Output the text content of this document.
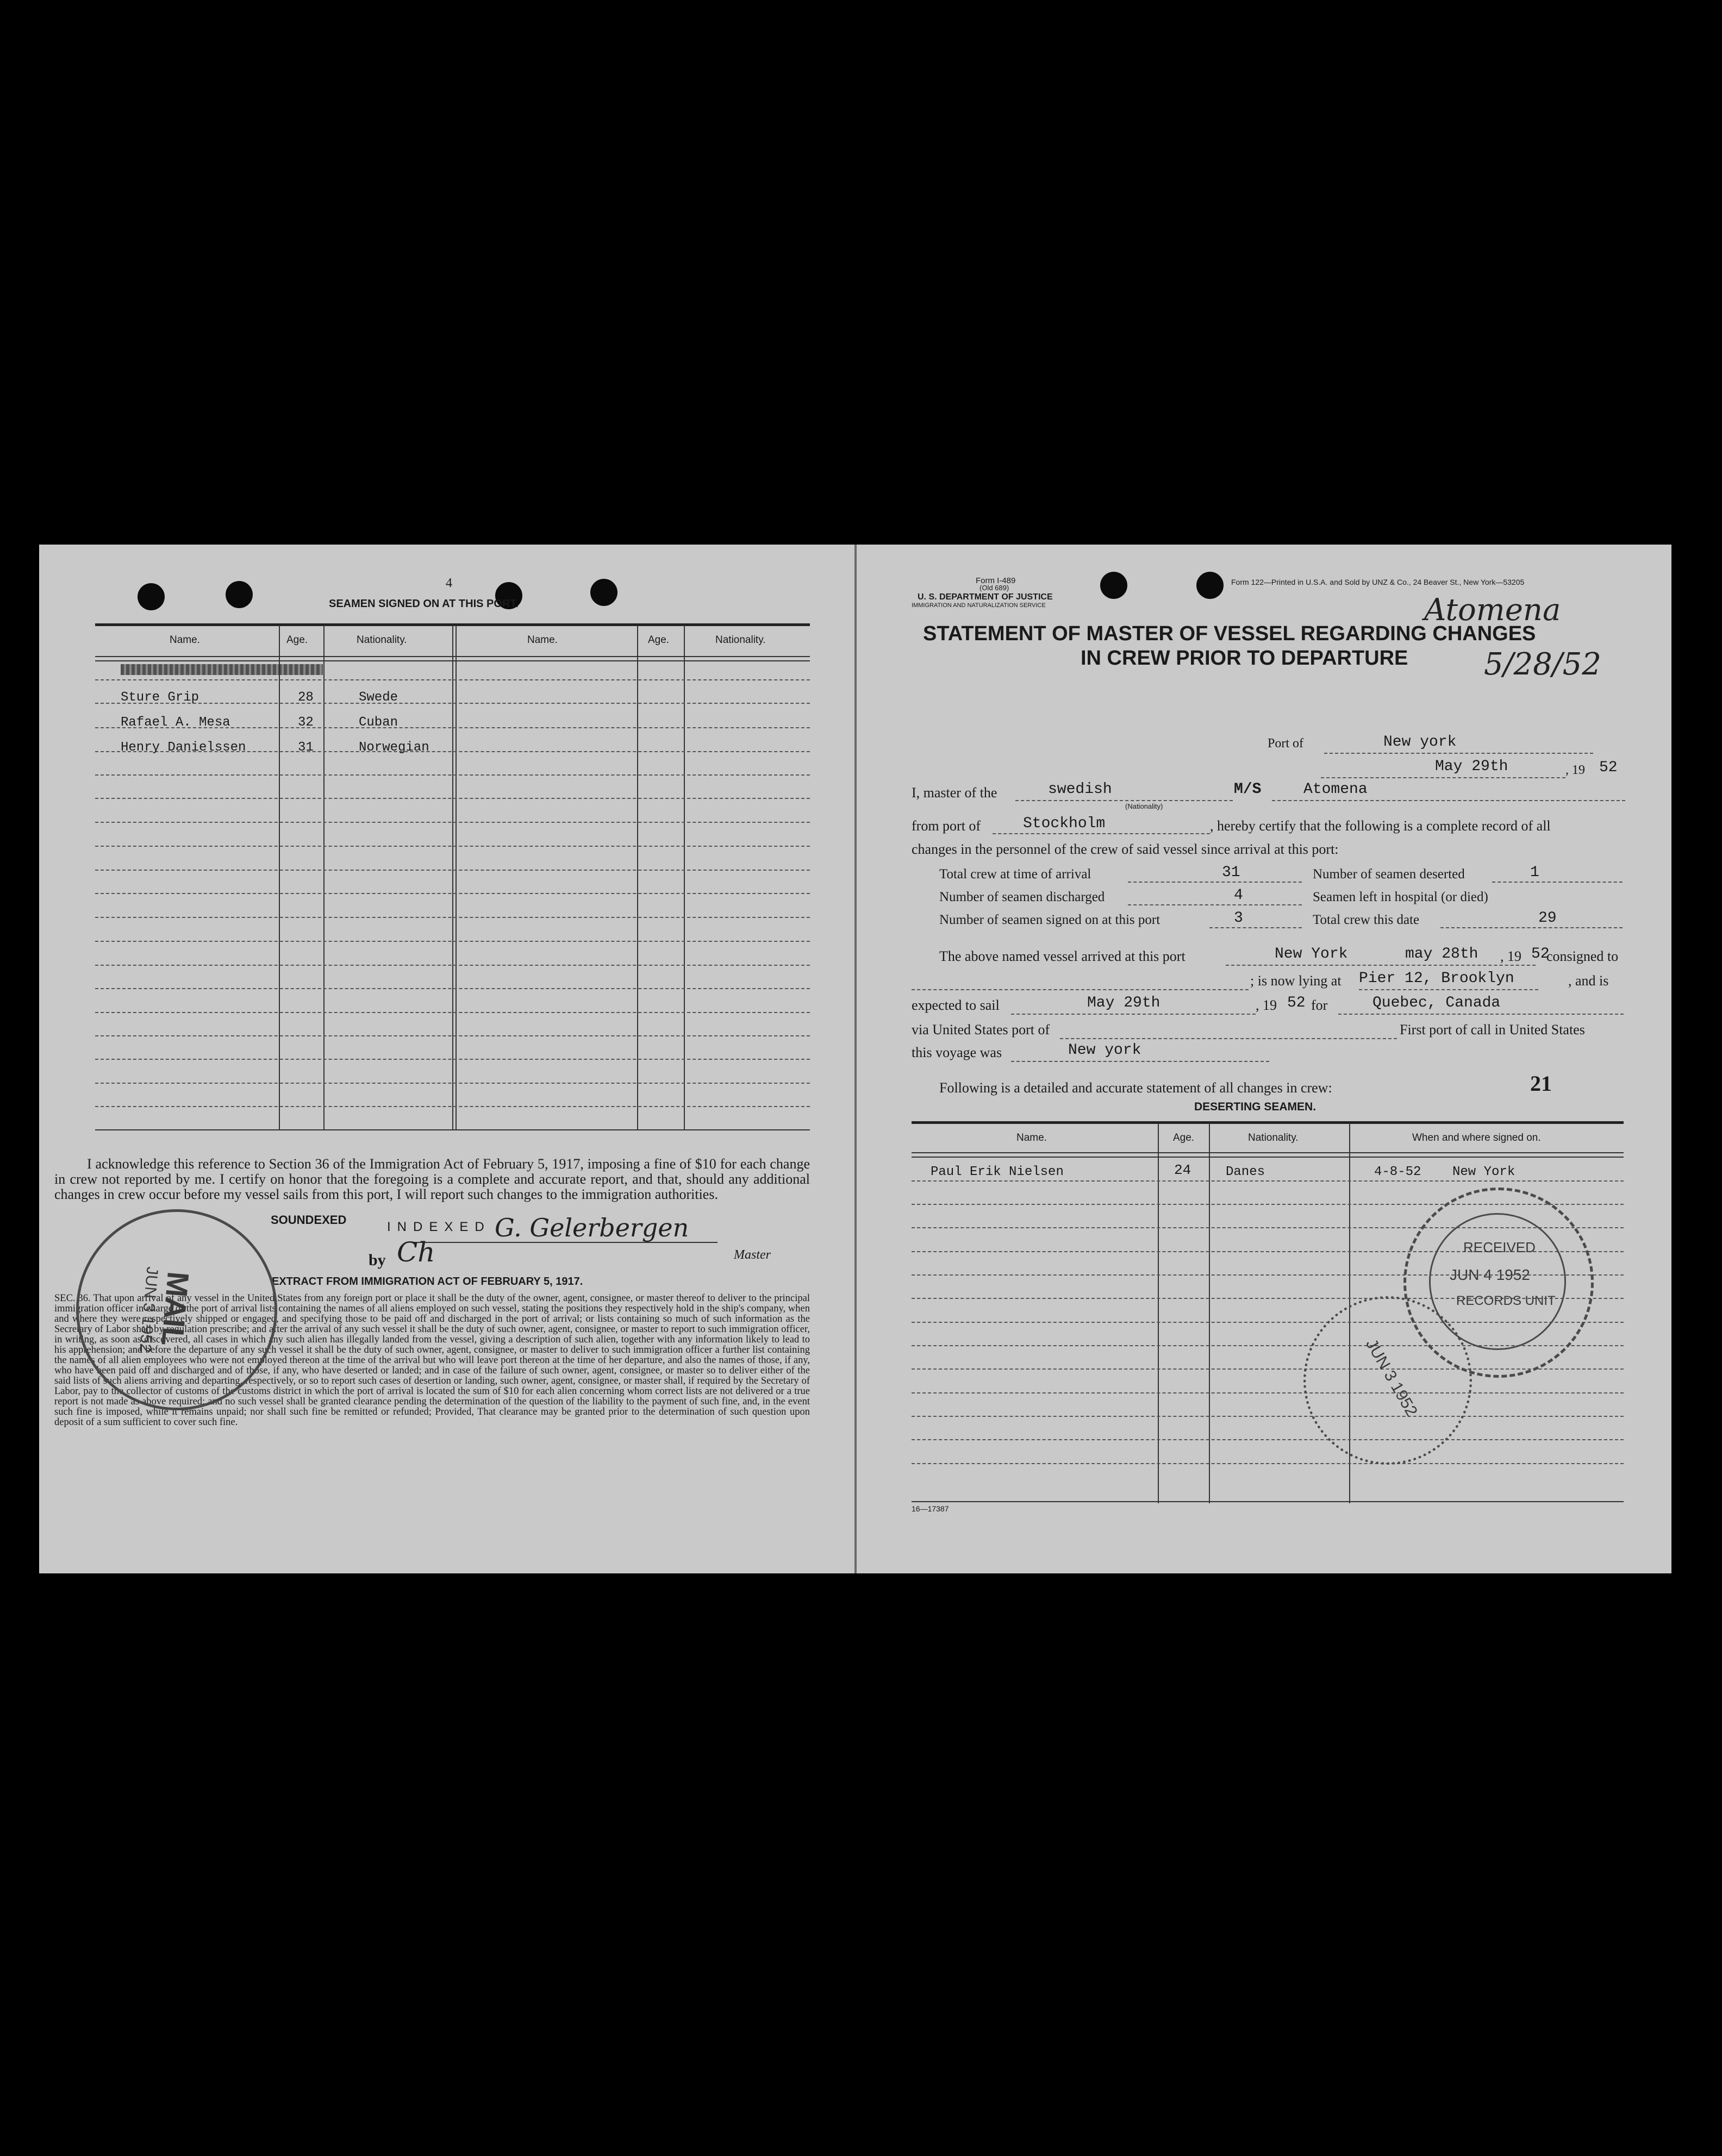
4
SEAMEN SIGNED ON AT THIS PORT.
Name.	Age.	Nationality.	Name.	Age.	Nationality.
Sture Grip	28	Swede
Rafael A. Mesa	32	Cuban
Henry Danielssen	31	Norwegian
I acknowledge this reference to Section 36 of the Immigration Act of February 5, 1917, imposing a fine of $10 for each change in crew not reported by me. I certify on honor that the foregoing is a complete and accurate report, and that, should any additional changes in crew occur before my vessel sails from this port, I will report such changes to the immigration authorities.
SOUNDEXED	INDEXED G. Gelerbergen
by Ch	Master
EXTRACT FROM IMMIGRATION ACT OF FEBRUARY 5, 1917.
SEC. 36. That upon arrival of any vessel in the United States from any foreign port or place it shall be the duty of the owner, agent, consignee, or master thereof to deliver to the principal immigration officer in charge of the port of arrival lists containing the names of all aliens employed on such vessel, stating the positions they respectively hold in the ship's company, when and where they were respectively shipped or engaged, and specifying those to be paid off and discharged in the port of arrival; or lists containing so much of such information as the Secretary of Labor shall by regulation prescribe; and after the arrival of any such vessel it shall be the duty of such owner, agent, consignee, or master to report to such immigration officer, in writing, as soon as discovered, all cases in which any such alien has illegally landed from the vessel, giving a description of such alien, together with any information likely to lead to his apprehension; and before the departure of any such vessel it shall be the duty of such owner, agent, consignee, or master to deliver to such immigration officer a further list containing the names of all alien employees who were not employed thereon at the time of the arrival but who will leave port thereon at the time of her departure, and also the names of those, if any, who have been paid off and discharged and of those, if any, who have deserted or landed; and in case of the failure of such owner, agent, consignee, or master so to deliver either of the said lists of such aliens arriving and departing, respectively, or so to report such cases of desertion or landing, such owner, agent, consignee, or master shall, if required by the Secretary of Labor, pay to the collector of customs of the customs district in which the port of arrival is located the sum of $10 for each alien concerning whom correct lists are not delivered or a true report is not made as above required; and no such vessel shall be granted clearance pending the determination of the question of the liability to the payment of such fine, and, in the event such fine is imposed, while it remains unpaid; nor shall such fine be remitted or refunded; Provided, That clearance may be granted prior to the determination of such question upon deposit of a sum sufficient to cover such fine.
MAIL
JUN 3 1952
Form I-489
(Old 689)
U. S. DEPARTMENT OF JUSTICE
IMMIGRATION AND NATURALIZATION SERVICE
Form 122—Printed in U.S.A. and Sold by UNZ & Co., 24 Beaver St., New York—53205
STATEMENT OF MASTER OF VESSEL REGARDING CHANGES
IN CREW PRIOR TO DEPARTURE
Atomena
5/28/52
Port of	New york
May 29th	, 19 52
I, master of the	swedish
(Nationality)
M/S	Atomena
from port of	Stockholm	, hereby certify that the following is a complete record of all
changes in the personnel of the crew of said vessel since arrival at this port:
Total crew at time of arrival	31	Number of seamen deserted	1
Number of seamen discharged	4	Seamen left in hospital (or died)
Number of seamen signed on at this port	3	Total crew this date	29
The above named vessel arrived at this port	New York	may 28th , 19 52
consigned to
; is now lying at Pier 12, Brooklyn	, and is
expected to sail	May 29th	, 19 52 for	Quebec, Canada
via United States port of	First port of call in United States
this voyage was	New york
Following is a detailed and accurate statement of all changes in crew:	21
DESERTING SEAMEN.
Name.	Age.	Nationality.	When and where signed on.
Paul Erik Nielsen	24	Danes	4-8-52 New York
16—17387
RECEIVED
JUN 4 1952
RECORDS UNIT
JUN 3 1952
